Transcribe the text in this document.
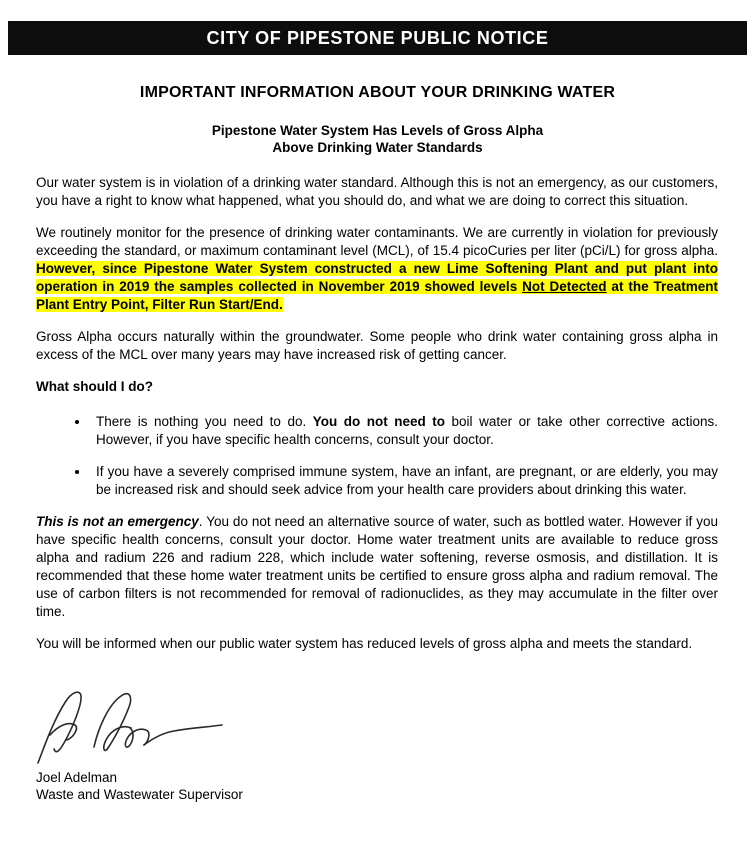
CITY OF PIPESTONE PUBLIC NOTICE
IMPORTANT INFORMATION ABOUT YOUR DRINKING WATER
Pipestone Water System Has Levels of Gross Alpha
Above Drinking Water Standards

Our water system is in violation of a drinking water standard. Although this is not an emergency, as our customers, you have a right to know what happened, what you should do, and what we are doing to correct this situation.

We routinely monitor for the presence of drinking water contaminants. We are currently in violation for previously exceeding the standard, or maximum contaminant level (MCL), of 15.4 picoCuries per liter (pCi/L) for gross alpha. However, since Pipestone Water System constructed a new Lime Softening Plant and put plant into operation in 2019 the samples collected in November 2019 showed levels Not Detected at the Treatment Plant Entry Point, Filter Run Start/End.

Gross Alpha occurs naturally within the groundwater. Some people who drink water containing gross alpha in excess of the MCL over many years may have increased risk of getting cancer.

What should I do?

• There is nothing you need to do. You do not need to boil water or take other corrective actions. However, if you have specific health concerns, consult your doctor.
• If you have a severely comprised immune system, have an infant, are pregnant, or are elderly, you may be increased risk and should seek advice from your health care providers about drinking this water.

This is not an emergency. You do not need an alternative source of water, such as bottled water. However if you have specific health concerns, consult your doctor. Home water treatment units are available to reduce gross alpha and radium 226 and radium 228, which include water softening, reverse osmosis, and distillation. It is recommended that these home water treatment units be certified to ensure gross alpha and radium removal. The use of carbon filters is not recommended for removal of radionuclides, as they may accumulate in the filter over time.

You will be informed when our public water system has reduced levels of gross alpha and meets the standard.

Joel Adelman
Waste and Wastewater Supervisor
